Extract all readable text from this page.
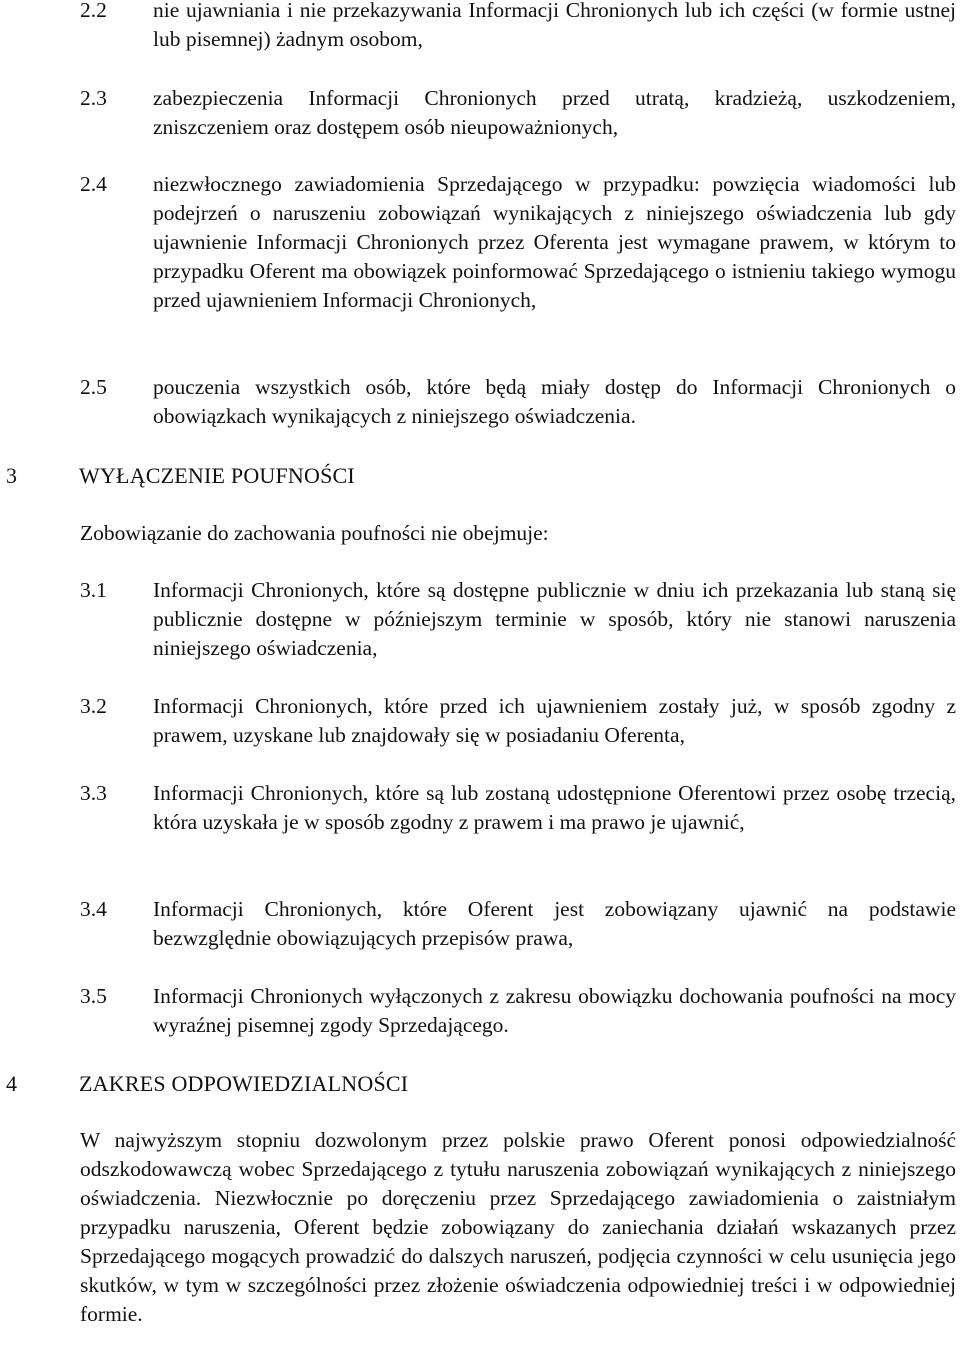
2.2 nie ujawniania i nie przekazywania Informacji Chronionych lub ich części (w formie ustnej lub pisemnej) żadnym osobom,
2.3 zabezpieczenia Informacji Chronionych przed utratą, kradzieżą, uszkodzeniem, zniszczeniem oraz dostępem osób nieupoważnionych,
2.4 niezwłocznego zawiadomienia Sprzedającego w przypadku: powzięcia wiadomości lub podejrzeń o naruszeniu zobowiązań wynikających z niniejszego oświadczenia lub gdy ujawnienie Informacji Chronionych przez Oferenta jest wymagane prawem, w którym to przypadku Oferent ma obowiązek poinformować Sprzedającego o istnieniu takiego wymogu przed ujawnieniem Informacji Chronionych,
2.5 pouczenia wszystkich osób, które będą miały dostęp do Informacji Chronionych o obowiązkach wynikających z niniejszego oświadczenia.
3	WYŁĄCZENIE POUFNOŚCI
Zobowiązanie do zachowania poufności nie obejmuje:
3.1 Informacji Chronionych, które są dostępne publicznie w dniu ich przekazania lub staną się publicznie dostępne w późniejszym terminie w sposób, który nie stanowi naruszenia niniejszego oświadczenia,
3.2 Informacji Chronionych, które przed ich ujawnieniem zostały już, w sposób zgodny z prawem, uzyskane lub znajdowały się w posiadaniu Oferenta,
3.3 Informacji Chronionych, które są lub zostaną udostępnione Oferentowi przez osobę trzecią, która uzyskała je w sposób zgodny z prawem i ma prawo je ujawnić,
3.4 Informacji Chronionych, które Oferent jest zobowiązany ujawnić na podstawie bezwzględnie obowiązujących przepisów prawa,
3.5 Informacji Chronionych wyłączonych z zakresu obowiązku dochowania poufności na mocy wyraźnej pisemnej zgody Sprzedającego.
4	ZAKRES ODPOWIEDZIALNOŚCI
W najwyższym stopniu dozwolonym przez polskie prawo Oferent ponosi odpowiedzialność odszkodowawczą wobec Sprzedającego z tytułu naruszenia zobowiązań wynikających z niniejszego oświadczenia. Niezwłocznie po doręczeniu przez Sprzedającego zawiadomienia o zaistniałym przypadku naruszenia, Oferent będzie zobowiązany do zaniechania działań wskazanych przez Sprzedającego mogących prowadzić do dalszych naruszeń, podjęcia czynności w celu usunięcia jego skutków, w tym w szczególności przez złożenie oświadczenia odpowiedniej treści i w odpowiedniej formie.
